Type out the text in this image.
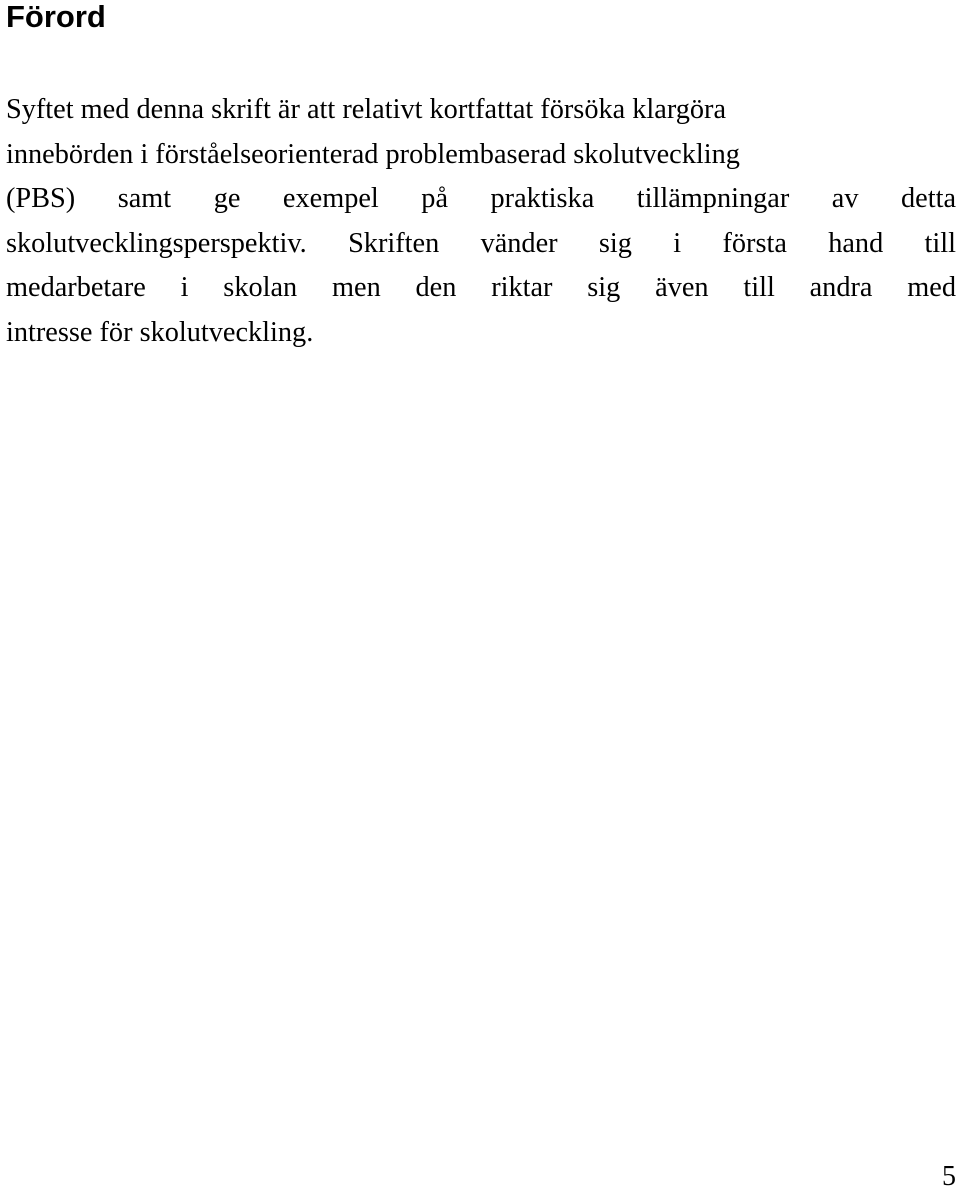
Förord
Syftet med denna skrift är att relativt kortfattat försöka klargöra
innebörden i förståelseorienterad problembaserad skolutveckling
(PBS) samt ge exempel på praktiska tillämpningar av detta
skolutvecklingsperspektiv. Skriften vänder sig i första hand till
medarbetare i skolan men den riktar sig även till andra med
intresse för skolutveckling.
5
